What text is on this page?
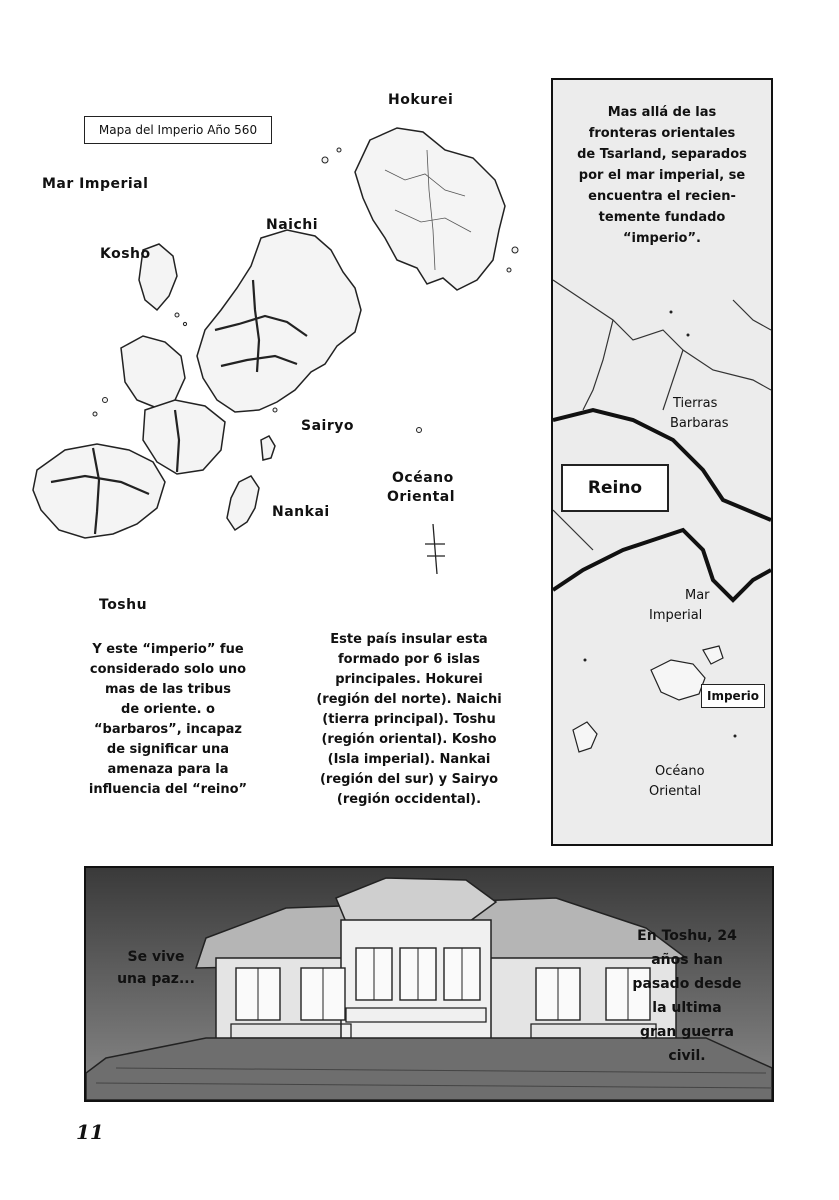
Mapa del Imperio Año 560
Hokurei
Mar Imperial
Naichi
Kosho
Sairyo
Océano
Oriental
Nankai
Toshu
Y este “imperio” fue
considerado solo uno
mas de las tribus
de oriente. o
“barbaros”, incapaz
de significar una
amenaza para la
influencia del “reino”
Este país insular esta
formado por 6 islas
principales. Hokurei
(región del norte). Naichi
(tierra principal). Toshu
(región oriental). Kosho
(Isla imperial). Nankai
(región del sur) y Sairyo
(región occidental).
Mas allá de las
fronteras orientales
de Tsarland, separados
por el mar imperial, se
encuentra el recien-
temente fundado
“imperio”.
Tierras
Barbaras
Reino
Mar
Imperial
Imperio
Océano
Oriental
Se vive
una paz...
En Toshu, 24
años han
pasado desde
la ultima
gran guerra
civil.
11
